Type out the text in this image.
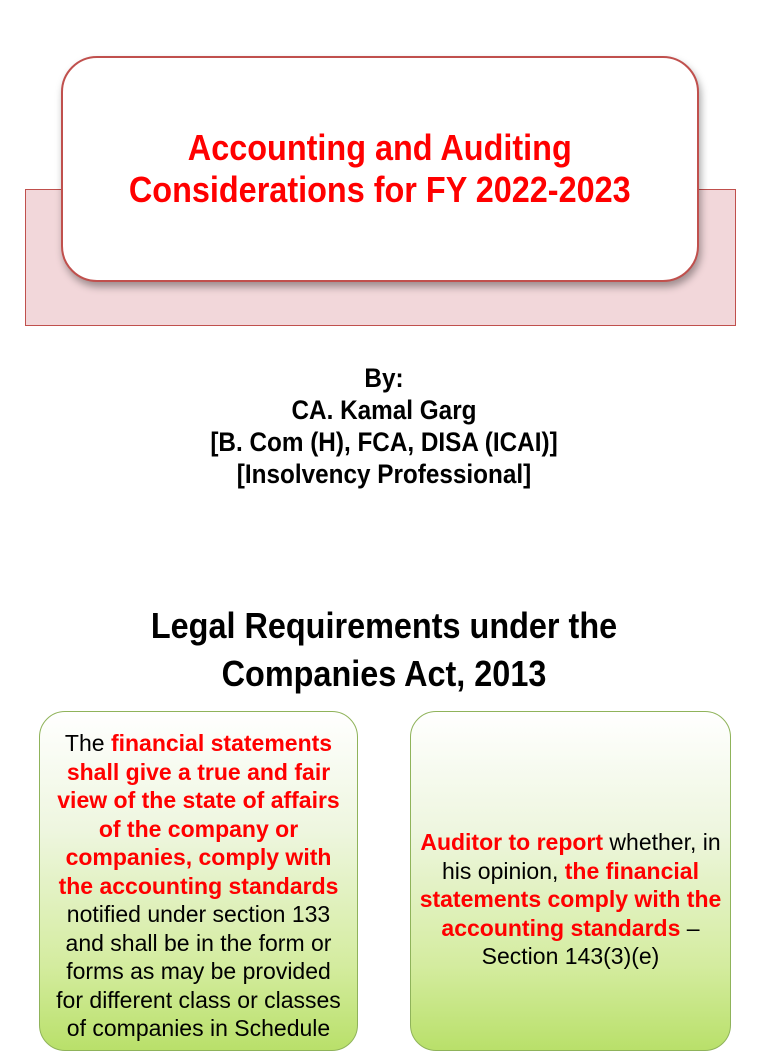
Accounting and Auditing
Considerations for FY 2022-2023
By:
CA. Kamal Garg
[B. Com (H), FCA, DISA (ICAI)]
[Insolvency Professional]
Legal Requirements under the
Companies Act, 2013

The financial statements shall give a true and fair view of the state of affairs of the company or companies, comply with the accounting standards notified under section 133 and shall be in the form or forms as may be provided for different class or classes of companies in Schedule

Auditor to report whether, in his opinion, the financial statements comply with the accounting standards – Section 143(3)(e)
